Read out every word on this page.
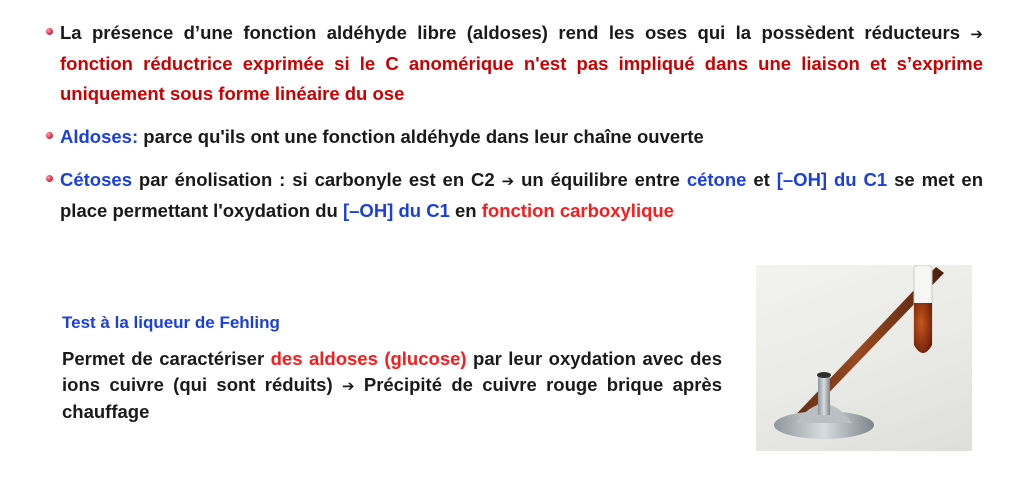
La présence d’une fonction aldéhyde libre (aldoses) rend les oses qui la possèdent réducteurs ➔ fonction réductrice exprimée si le C anomérique n'est pas impliqué dans une liaison et s’exprime uniquement sous forme linéaire du ose
Aldoses: parce qu'ils ont une fonction aldéhyde dans leur chaîne ouverte
Cétoses par énolisation : si carbonyle est en C2 ➔ un équilibre entre cétone et [–OH] du C1 se met en place permettant l'oxydation du [–OH] du C1 en fonction carboxylique
Test à la liqueur de Fehling
Permet de caractériser des aldoses (glucose) par leur oxydation avec des ions cuivre (qui sont réduits) ➔ Précipité de cuivre rouge brique après chauffage
